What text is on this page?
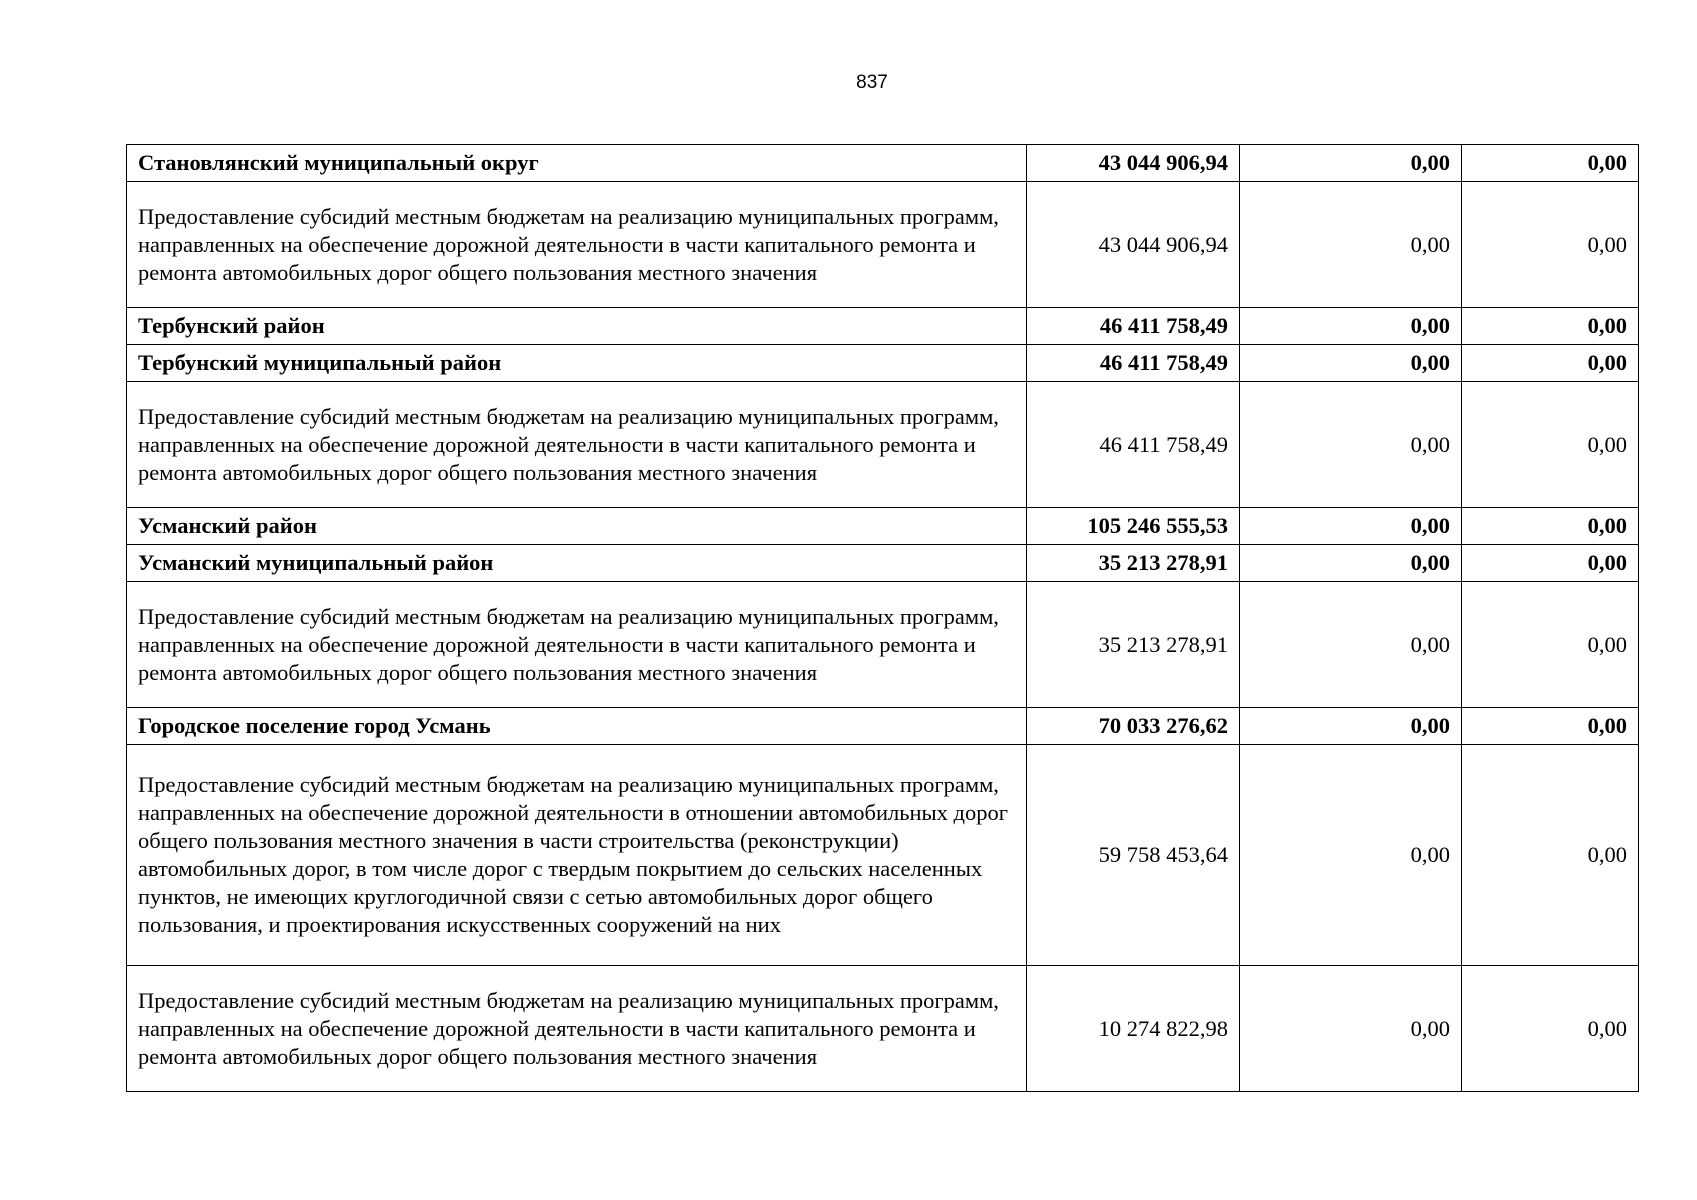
837
Становлянский муниципальный округ	43 044 906,94	0,00	0,00
Предоставление субсидий местным бюджетам на реализацию муниципальных программ, направленных на обеспечение дорожной деятельности в части капитального ремонта и ремонта автомобильных дорог общего пользования местного значения	43 044 906,94	0,00	0,00
Тербунский район	46 411 758,49	0,00	0,00
Тербунский муниципальный район	46 411 758,49	0,00	0,00
Предоставление субсидий местным бюджетам на реализацию муниципальных программ, направленных на обеспечение дорожной деятельности в части капитального ремонта и ремонта автомобильных дорог общего пользования местного значения	46 411 758,49	0,00	0,00
Усманский район	105 246 555,53	0,00	0,00
Усманский муниципальный район	35 213 278,91	0,00	0,00
Предоставление субсидий местным бюджетам на реализацию муниципальных программ, направленных на обеспечение дорожной деятельности в части капитального ремонта и ремонта автомобильных дорог общего пользования местного значения	35 213 278,91	0,00	0,00
Городское поселение город Усмань	70 033 276,62	0,00	0,00
Предоставление субсидий местным бюджетам на реализацию муниципальных программ, направленных на обеспечение дорожной деятельности в отношении автомобильных дорог общего пользования местного значения в части строительства (реконструкции) автомобильных дорог, в том числе дорог с твердым покрытием до сельских населенных пунктов, не имеющих круглогодичной связи с сетью автомобильных дорог общего пользования, и проектирования искусственных сооружений на них	59 758 453,64	0,00	0,00
Предоставление субсидий местным бюджетам на реализацию муниципальных программ, направленных на обеспечение дорожной деятельности в части капитального ремонта и ремонта автомобильных дорог общего пользования местного значения	10 274 822,98	0,00	0,00
